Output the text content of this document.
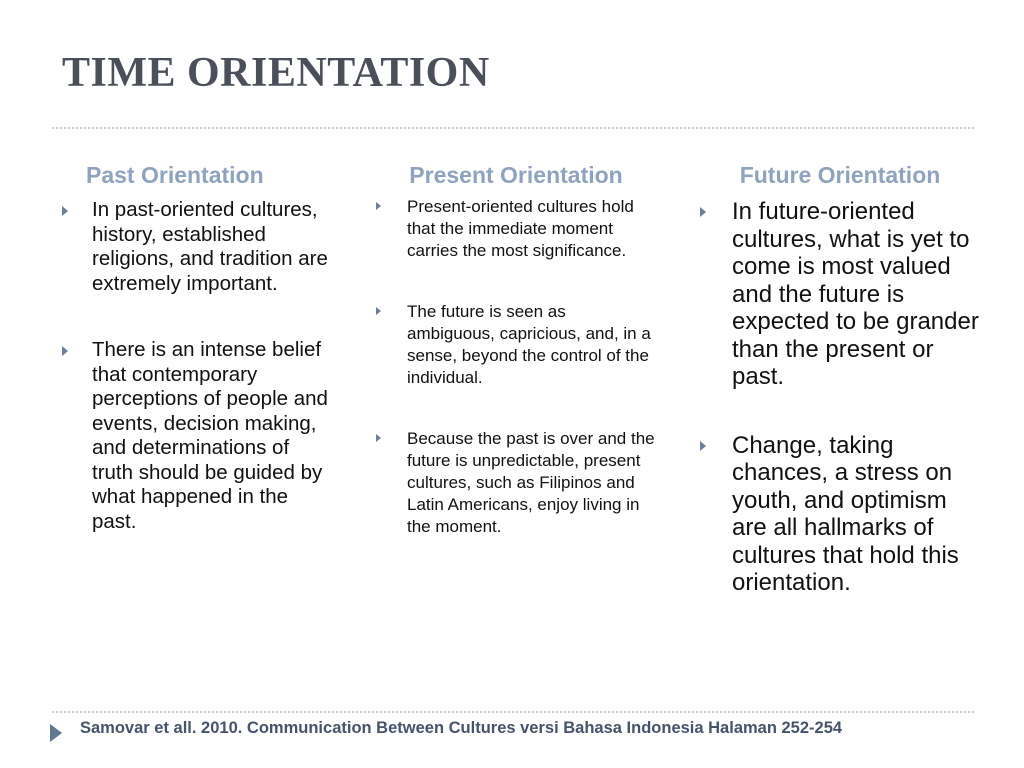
TIME ORIENTATION
Past Orientation
In past-oriented cultures, history, established religions, and tradition are extremely important.
There is an intense belief that contemporary perceptions of people and events, decision making, and determinations of truth should be guided by what happened in the past.
Present Orientation
Present-oriented cultures hold that the immediate moment carries the most significance.
The future is seen as ambiguous, capricious, and, in a sense, beyond the control of the individual.
Because the past is over and the future is unpredictable, present cultures, such as Filipinos and Latin Americans, enjoy living in the moment.
Future Orientation
In future-oriented cultures, what is yet to come is most valued and the future is expected to be grander than the present or past.
Change, taking chances, a stress on youth, and optimism are all hallmarks of cultures that hold this orientation.
Samovar et all. 2010. Communication Between Cultures versi Bahasa Indonesia Halaman 252-254
